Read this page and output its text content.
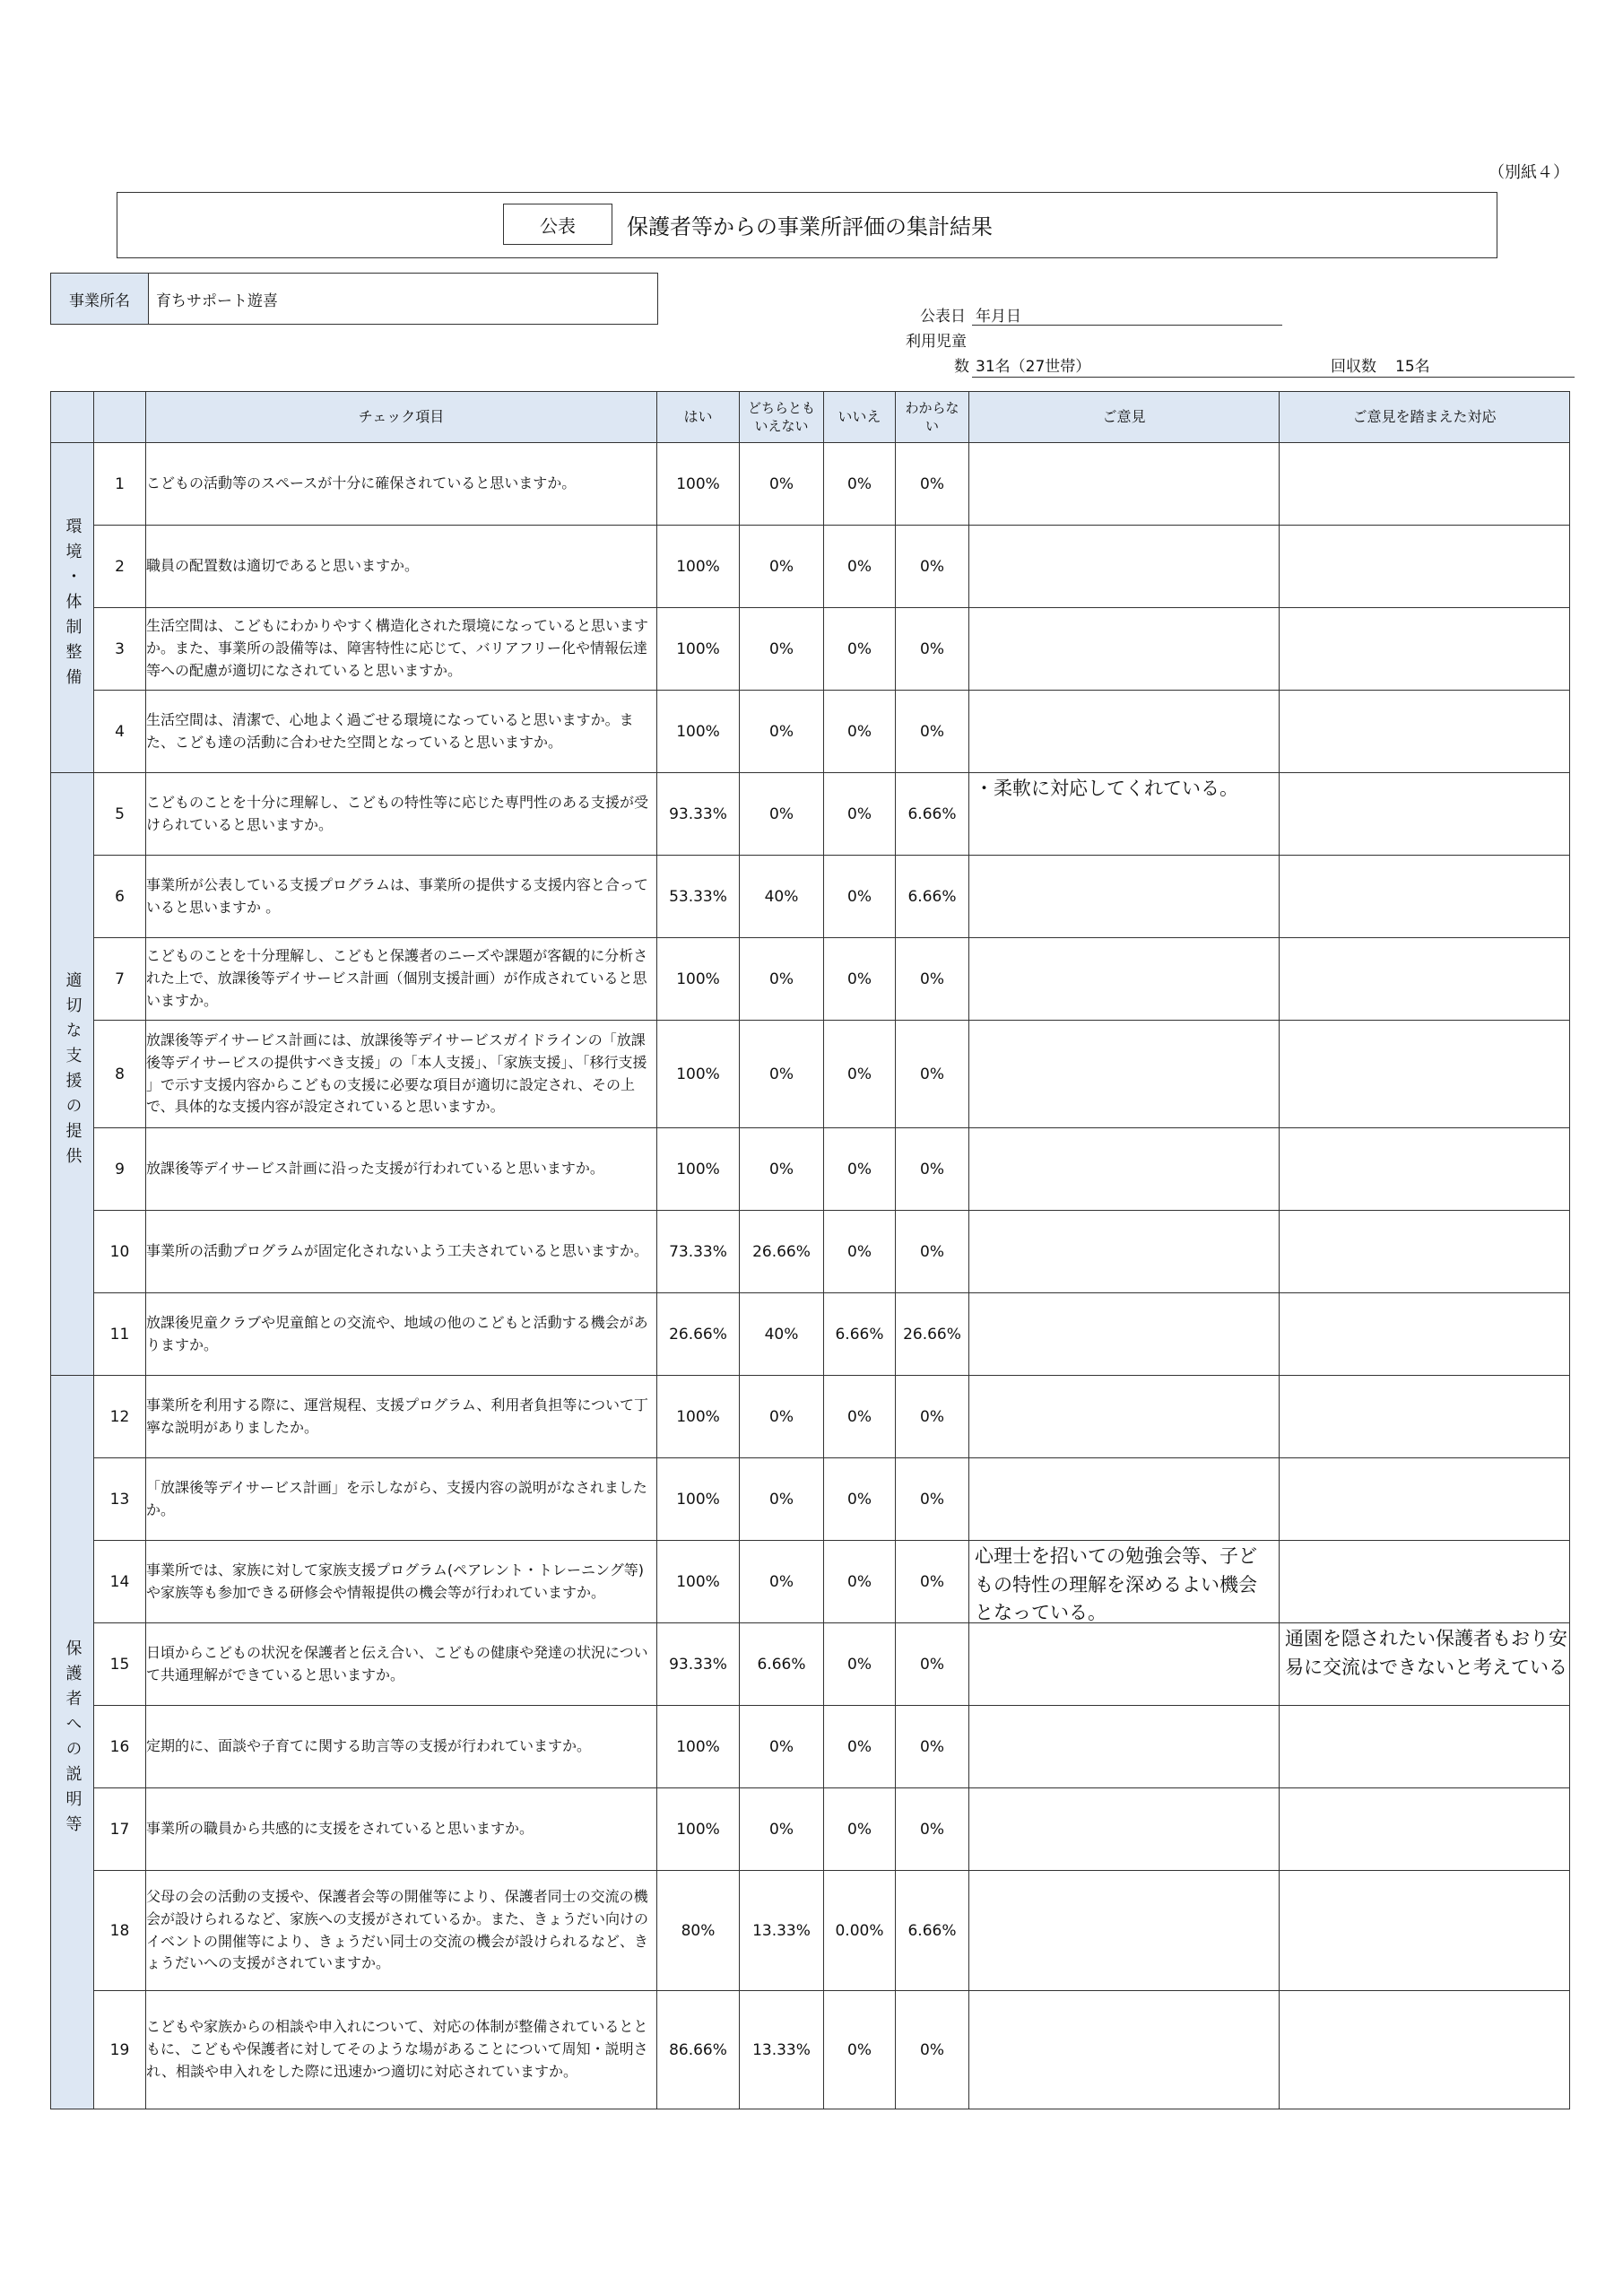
（別紙４）
公表	保護者等からの事業所評価の集計結果
事業所名	育ちサポート遊喜
公表日 年月日
利用児童
数 31名（27世帯）	回収数 15名
		チェック項目	はい	どちらとも
いえない	いいえ	わからな
い	ご意見	ご意見を踏まえた対応
環境・体制整備	1	こどもの活動等のスペースが十分に確保されていると思いますか。	100%	0%	0%	0%		
	2	職員の配置数は適切であると思いますか。	100%	0%	0%	0%		
	3	生活空間は、こどもにわかりやすく構造化された環境になっていると思いますか。また、事業所の設備等は、障害特性に応じて、バリアフリー化や情報伝達等への配慮が適切になされていると思いますか。	100%	0%	0%	0%		
	4	生活空間は、清潔で、心地よく過ごせる環境になっていると思いますか。また、こども達の活動に合わせた空間となっていると思いますか。	100%	0%	0%	0%		
適切な支援の提供	5	こどものことを十分に理解し、こどもの特性等に応じた専門性のある支援が受けられていると思いますか。	93.33%	0%	0%	6.66%	・柔軟に対応してくれている。	

	6	事業所が公表している支援プログラムは、事業所の提供する支援内容と合っていると思いますか 。	53.33%	40%	0%	6.66%		
	7	こどものことを十分理解し、こどもと保護者のニーズや課題が客観的に分析された上で、放課後等デイサービス計画（個別支援計画）が作成されていると思いますか。	100%	0%	0%	0%		
	8	放課後等デイサービス計画には、放課後等デイサービスガイドラインの「放課後等デイサービスの提供すべき支援」の「本人支援」、「家族支援」、「移行支援 」で示す支援内容からこどもの支援に必要な項目が適切に設定され、その上で、具体的な支援内容が設定されていると思いますか。	100%	0%	0%	0%		
	9	放課後等デイサービス計画に沿った支援が行われていると思いますか。	100%	0%	0%	0%		
	10	事業所の活動プログラムが固定化されないよう工夫されていると思いますか。	73.33%	26.66%	0%	0%		
	11	放課後児童クラブや児童館との交流や、地域の他のこどもと活動する機会がありますか。	26.66%	40%	6.66%	26.66%		
保護者への説明等	12	事業所を利用する際に、運営規程、支援プログラム、利用者負担等について丁寧な説明がありましたか。	100%	0%	0%	0%		
	13	「放課後等デイサービス計画」を示しながら、支援内容の説明がなされましたか。	100%	0%	0%	0%		
	14	事業所では、家族に対して家族支援プログラム(ペアレント・トレーニング等)や家族等も参加できる研修会や情報提供の機会等が行われていますか。	100%	0%	0%	0%	心理士を招いての勉強会等、子どもの特性の理解を深めるよい機会となっている。	

	15	日頃からこどもの状況を保護者と伝え合い、こどもの健康や発達の状況について共通理解ができていると思いますか。	93.33%	6.66%	0%	0%		通園を隠されたい保護者もおり安易に交流はできないと考えている

	16	定期的に、面談や子育てに関する助言等の支援が行われていますか。	100%	0%	0%	0%		
	17	事業所の職員から共感的に支援をされていると思いますか。	100%	0%	0%	0%		
	18	父母の会の活動の支援や、保護者会等の開催等により、保護者同士の交流の機会が設けられるなど、家族への支援がされているか。また、きょうだい向けのイベントの開催等により、きょうだい同士の交流の機会が設けられるなど、きょうだいへの支援がされていますか。	80%	13.33%	0.00%	6.66%		
	19	こどもや家族からの相談や申入れについて、対応の体制が整備されているとともに、こどもや保護者に対してそのような場があることについて周知・説明され、相談や申入れをした際に迅速かつ適切に対応されていますか。	86.66%	13.33%	0%	0%		
